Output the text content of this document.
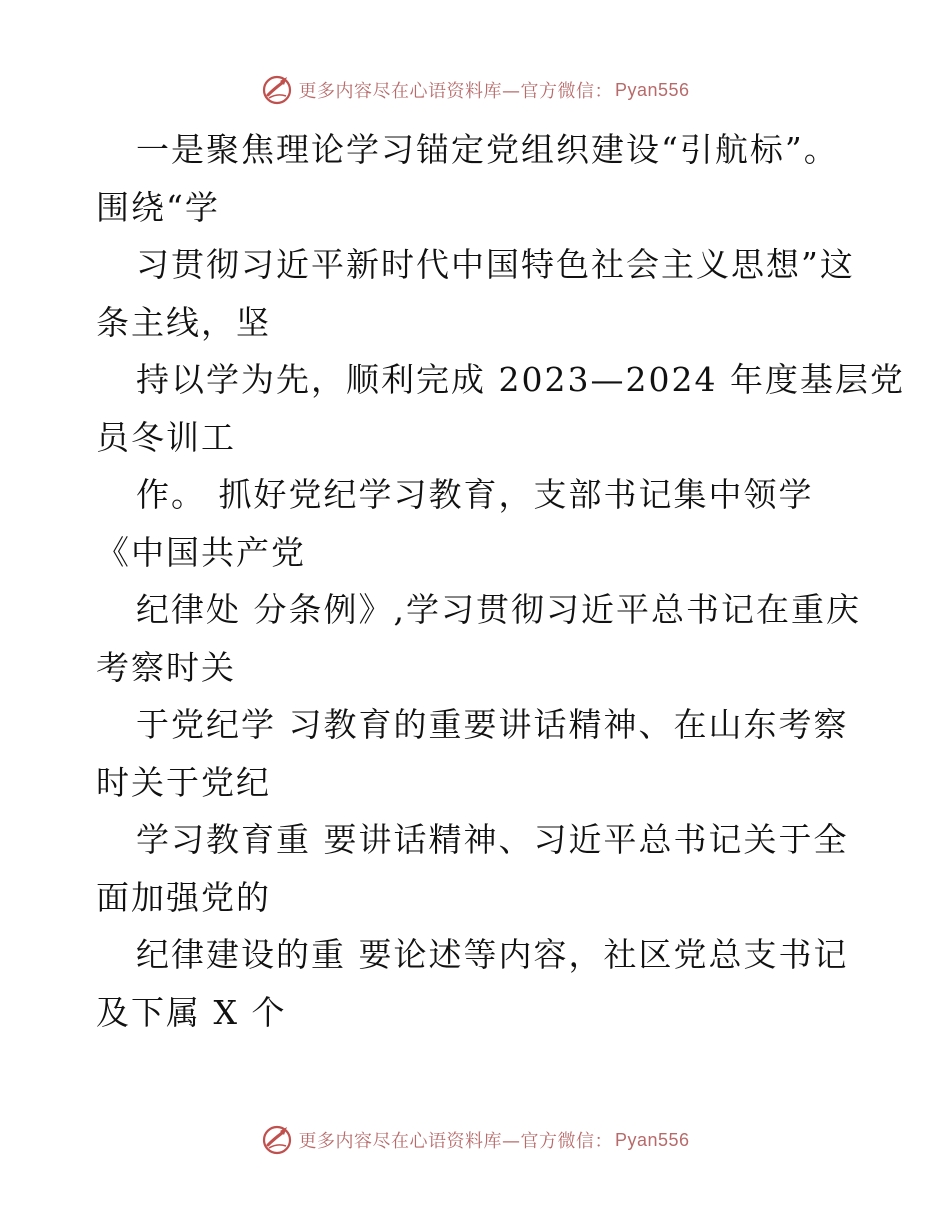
更多内容尽在心语资料库—官方微信： Pyan556
一是聚焦理论学习锚定党组织建设“引航标”。
围绕“学
习贯彻习近平新时代中国特色社会主义思想”这
条主线，坚
持以学为先，顺利完成 2023—2024 年度基层党
员冬训工
作。 抓好党纪学习教育，支部书记集中领学
《中国共产党
纪律处 分条例》,学习贯彻习近平总书记在重庆
考察时关
于党纪学 习教育的重要讲话精神、在山东考察
时关于党纪
学习教育重 要讲话精神、习近平总书记关于全
面加强党的
纪律建设的重 要论述等内容，社区党总支书记
及下属 X 个
更多内容尽在心语资料库—官方微信： Pyan556
